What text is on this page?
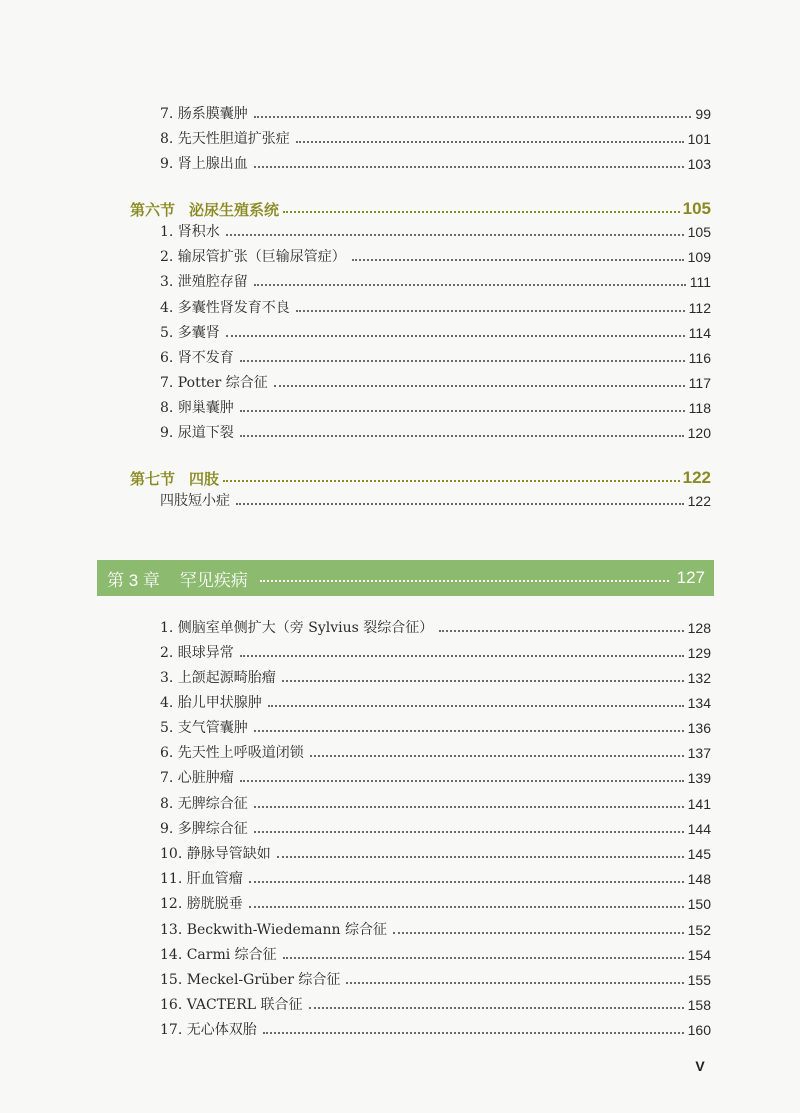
7. 肠系膜囊肿	99
8. 先天性胆道扩张症	101
9. 肾上腺出血	103
第六节 泌尿生殖系统	105
1. 肾积水	105
2. 输尿管扩张（巨输尿管症）	109
3. 泄殖腔存留	111
4. 多囊性肾发育不良	112
5. 多囊肾	114
6. 肾不发育	116
7. Potter 综合征	117
8. 卵巢囊肿	118
9. 尿道下裂	120
第七节 四肢	122
四肢短小症	122
第 3 章 罕见疾病	127
1. 侧脑室单侧扩大（旁 Sylvius 裂综合征）	128
2. 眼球异常	129
3. 上颌起源畸胎瘤	132
4. 胎儿甲状腺肿	134
5. 支气管囊肿	136
6. 先天性上呼吸道闭锁	137
7. 心脏肿瘤	139
8. 无脾综合征	141
9. 多脾综合征	144
10. 静脉导管缺如	145
11. 肝血管瘤	148
12. 膀胱脱垂	150
13. Beckwith-Wiedemann 综合征	152
14. Carmi 综合征	154
15. Meckel-Grüber 综合征	155
16. VACTERL 联合征	158
17. 无心体双胎	160
V
